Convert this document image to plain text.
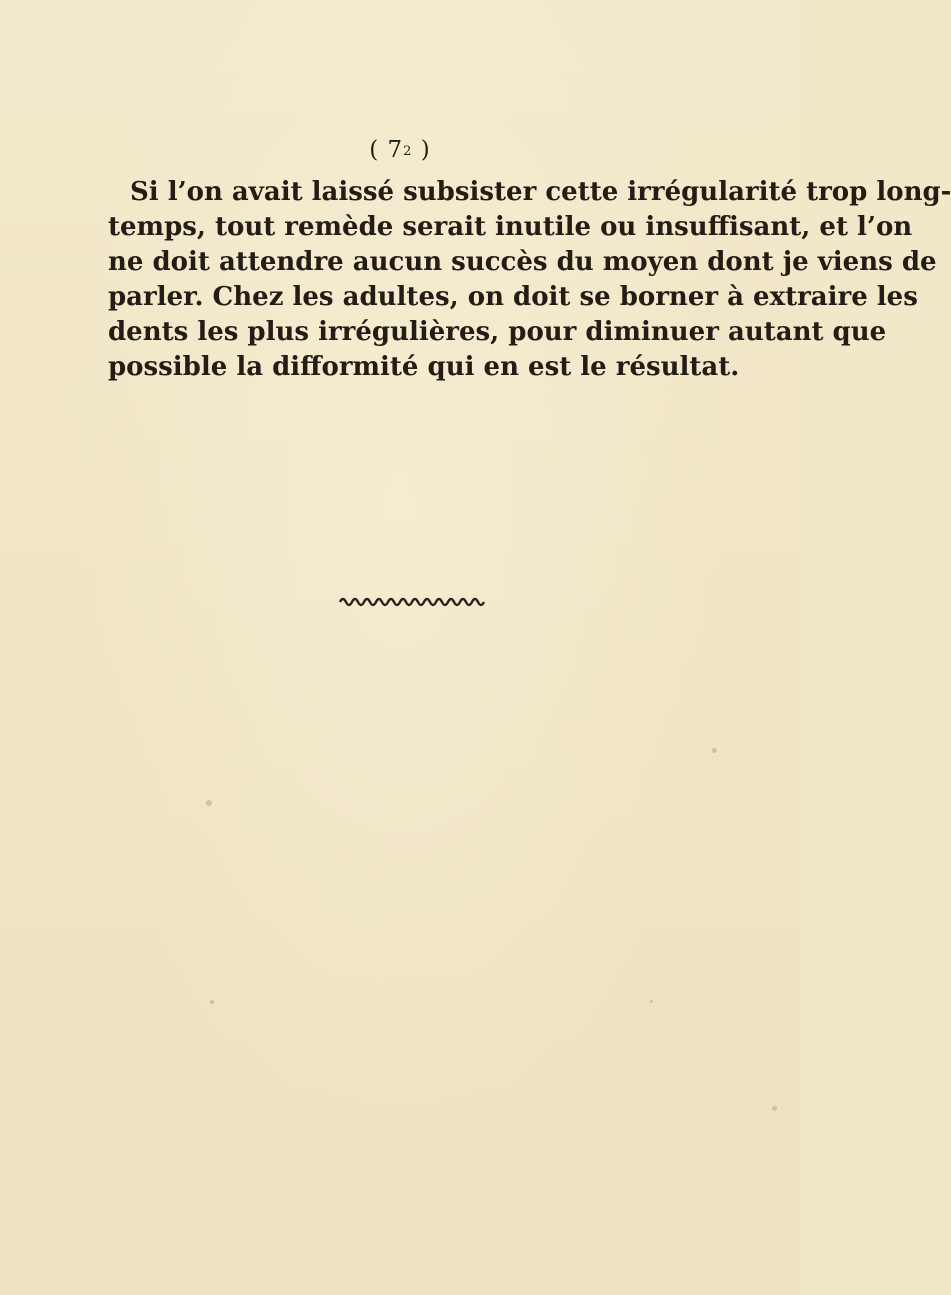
( $7^2$ )
Si l’on avait laissé subsister cette irrégularité trop long-
temps, tout remède serait inutile ou insuffisant, et l’on
ne doit attendre aucun succès du moyen dont je viens de
parler. Chez les adultes, on doit se borner à extraire les
dents les plus irrégulières, pour diminuer autant que
possible la difformité qui en est le résultat.
